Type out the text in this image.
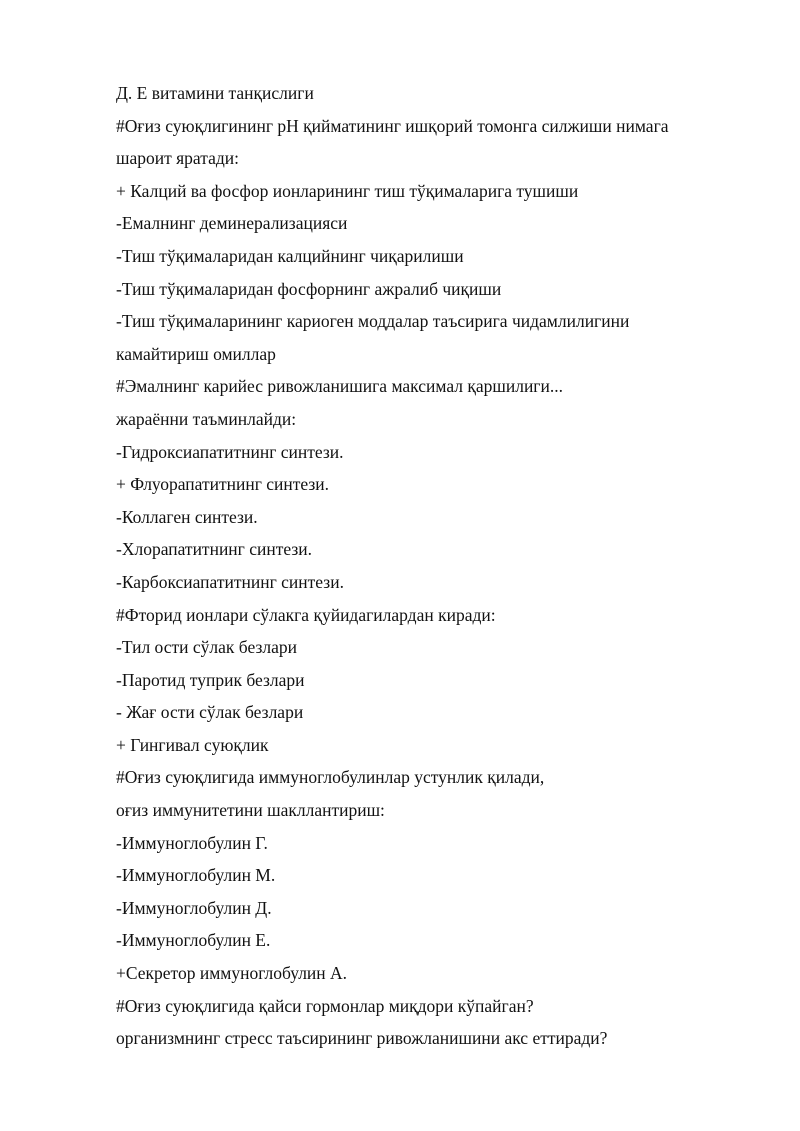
Д. Е витамини танқислиги
#Оғиз суюқлигининг рН қийматининг ишқорий томонга силжиши нимага
шароит яратади:
+ Калций ва фосфор ионларининг тиш тўқималарига тушиши
-Емалнинг деминерализацияси
-Тиш тўқималаридан калцийнинг чиқарилиши
-Тиш тўқималаридан фосфорнинг ажралиб чиқиши
-Тиш тўқималарининг кариоген моддалар таъсирига чидамлилигини
камайтириш омиллар
#Эмалнинг карийес ривожланишига максимал қаршилиги...
жараённи таъминлайди:
-Гидроксиапатитнинг синтези.
+ Флуорапатитнинг синтези.
-Коллаген синтези.
-Хлорапатитнинг синтези.
-Карбоксиапатитнинг синтези.
#Фторид ионлари сўлакга қуйидагилардан киради:
-Тил ости сўлак безлари
-Паротид туприк безлари
- Жағ ости сўлак безлари
+ Гингивал суюқлик
#Оғиз суюқлигида иммуноглобулинлар устунлик қилади,
оғиз иммунитетини шакллантириш:
-Иммуноглобулин Г.
-Иммуноглобулин М.
-Иммуноглобулин Д.
-Иммуноглобулин Е.
+Секретор иммуноглобулин А.
#Оғиз суюқлигида қайси гормонлар миқдори кўпайган?
организмнинг стресс таъсирининг ривожланишини акс еттиради?
